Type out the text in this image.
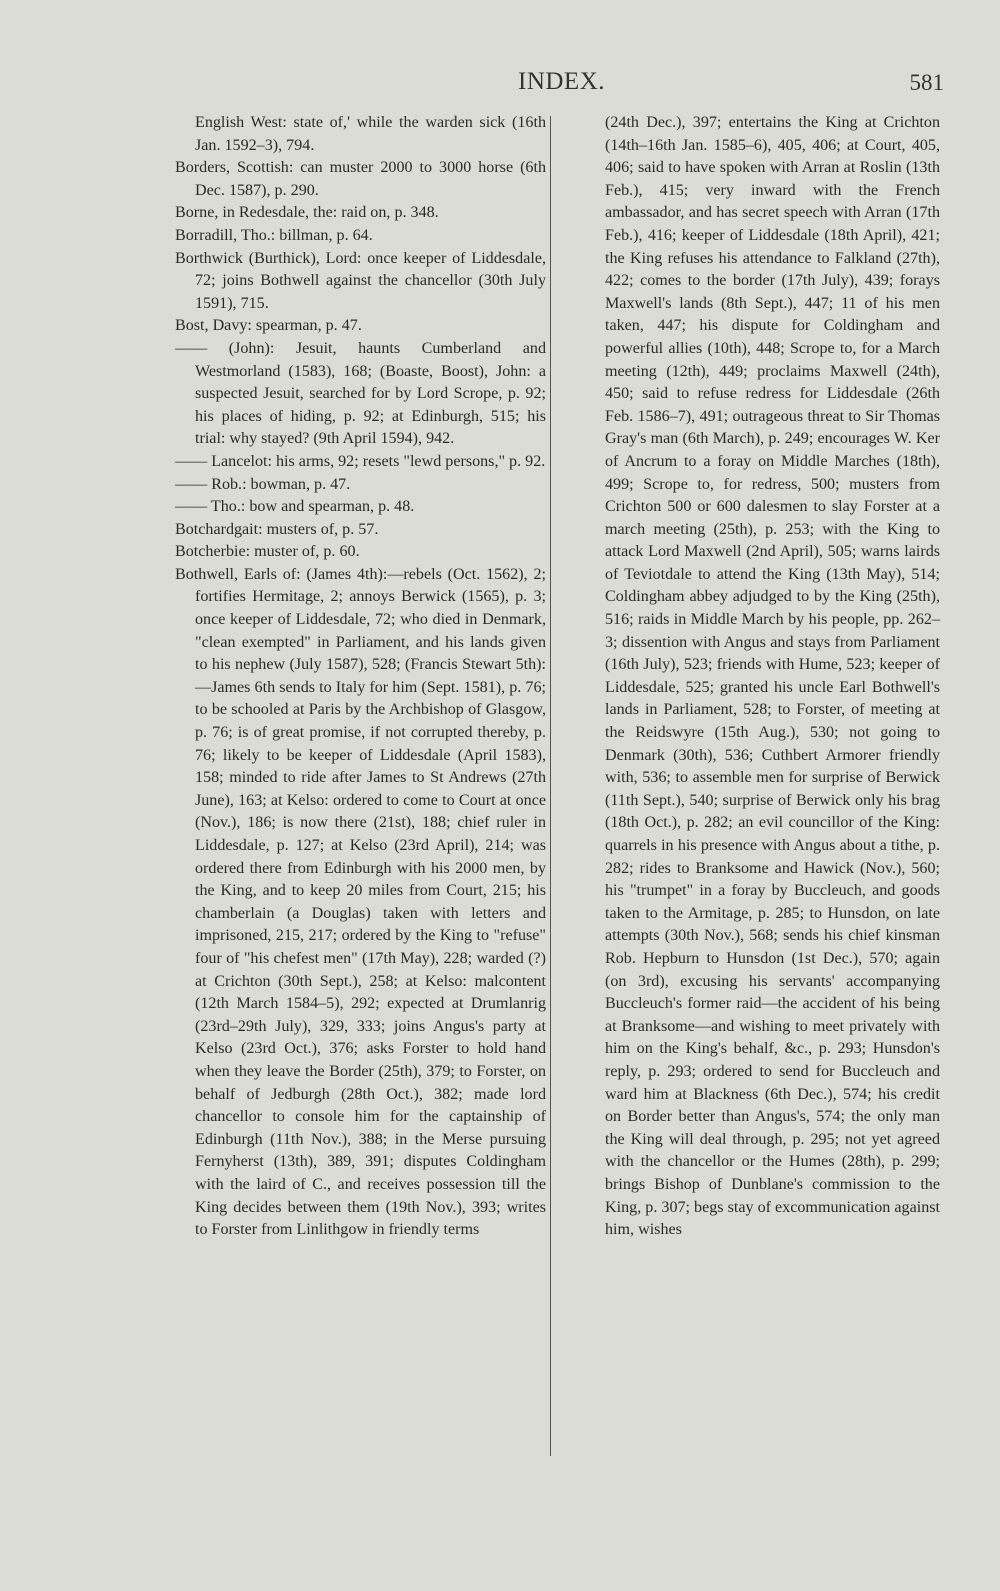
INDEX.	581

English West: state of,' while the warden sick (16th Jan. 1592–3), 794.

Borders, Scottish: can muster 2000 to 3000 horse (6th Dec. 1587), p. 290.

Borne, in Redesdale, the: raid on, p. 348.

Borradill, Tho.: billman, p. 64.

Borthwick (Burthick), Lord: once keeper of Liddesdale, 72; joins Bothwell against the chancellor (30th July 1591), 715.

Bost, Davy: spearman, p. 47.

—— (John): Jesuit, haunts Cumberland and Westmorland (1583), 168; (Boaste, Boost), John: a suspected Jesuit, searched for by Lord Scrope, p. 92; his places of hiding, p. 92; at Edinburgh, 515; his trial: why stayed? (9th April 1594), 942.

—— Lancelot: his arms, 92; resets "lewd persons," p. 92.

—— Rob.: bowman, p. 47.

—— Tho.: bow and spearman, p. 48.

Botchardgait: musters of, p. 57.

Botcherbie: muster of, p. 60.

Bothwell, Earls of: (James 4th):—rebels (Oct. 1562), 2; fortifies Hermitage, 2; annoys Berwick (1565), p. 3; once keeper of Liddesdale, 72; who died in Denmark, "clean exempted" in Parliament, and his lands given to his nephew (July 1587), 528; (Francis Stewart 5th):—James 6th sends to Italy for him (Sept. 1581), p. 76; to be schooled at Paris by the Archbishop of Glasgow, p. 76; is of great promise, if not corrupted thereby, p. 76; likely to be keeper of Liddesdale (April 1583), 158; minded to ride after James to St Andrews (27th June), 163; at Kelso: ordered to come to Court at once (Nov.), 186; is now there (21st), 188; chief ruler in Liddesdale, p. 127; at Kelso (23rd April), 214; was ordered there from Edinburgh with his 2000 men, by the King, and to keep 20 miles from Court, 215; his chamberlain (a Douglas) taken with letters and imprisoned, 215, 217; ordered by the King to "refuse" four of "his chefest men" (17th May), 228; warded (?) at Crichton (30th Sept.), 258; at Kelso: malcontent (12th March 1584–5), 292; expected at Drumlanrig (23rd–29th July), 329, 333; joins Angus's party at Kelso (23rd Oct.), 376; asks Forster to hold hand when they leave the Border (25th), 379; to Forster, on behalf of Jedburgh (28th Oct.), 382; made lord chancellor to console him for the captainship of Edinburgh (11th Nov.), 388; in the Merse pursuing Fernyherst (13th), 389, 391; disputes Coldingham with the laird of C., and receives possession till the King decides between them (19th Nov.), 393; writes to Forster from Linlithgow in friendly terms

(24th Dec.), 397; entertains the King at Crichton (14th–16th Jan. 1585–6), 405, 406; at Court, 405, 406; said to have spoken with Arran at Roslin (13th Feb.), 415; very inward with the French ambassador, and has secret speech with Arran (17th Feb.), 416; keeper of Liddesdale (18th April), 421; the King refuses his attendance to Falkland (27th), 422; comes to the border (17th July), 439; forays Maxwell's lands (8th Sept.), 447; 11 of his men taken, 447; his dispute for Coldingham and powerful allies (10th), 448; Scrope to, for a March meeting (12th), 449; proclaims Maxwell (24th), 450; said to refuse redress for Liddesdale (26th Feb. 1586–7), 491; outrageous threat to Sir Thomas Gray's man (6th March), p. 249; encourages W. Ker of Ancrum to a foray on Middle Marches (18th), 499; Scrope to, for redress, 500; musters from Crichton 500 or 600 dalesmen to slay Forster at a march meeting (25th), p. 253; with the King to attack Lord Maxwell (2nd April), 505; warns lairds of Teviotdale to attend the King (13th May), 514; Coldingham abbey adjudged to by the King (25th), 516; raids in Middle March by his people, pp. 262–3; dissention with Angus and stays from Parliament (16th July), 523; friends with Hume, 523; keeper of Liddesdale, 525; granted his uncle Earl Bothwell's lands in Parliament, 528; to Forster, of meeting at the Reidswyre (15th Aug.), 530; not going to Denmark (30th), 536; Cuthbert Armorer friendly with, 536; to assemble men for surprise of Berwick (11th Sept.), 540; surprise of Berwick only his brag (18th Oct.), p. 282; an evil councillor of the King: quarrels in his presence with Angus about a tithe, p. 282; rides to Branksome and Hawick (Nov.), 560; his "trumpet" in a foray by Buccleuch, and goods taken to the Armitage, p. 285; to Hunsdon, on late attempts (30th Nov.), 568; sends his chief kinsman Rob. Hepburn to Hunsdon (1st Dec.), 570; again (on 3rd), excusing his servants' accompanying Buccleuch's former raid—the accident of his being at Branksome—and wishing to meet privately with him on the King's behalf, &c., p. 293; Hunsdon's reply, p. 293; ordered to send for Buccleuch and ward him at Blackness (6th Dec.), 574; his credit on Border better than Angus's, 574; the only man the King will deal through, p. 295; not yet agreed with the chancellor or the Humes (28th), p. 299; brings Bishop of Dunblane's commission to the King, p. 307; begs stay of excommunication against him, wishes
